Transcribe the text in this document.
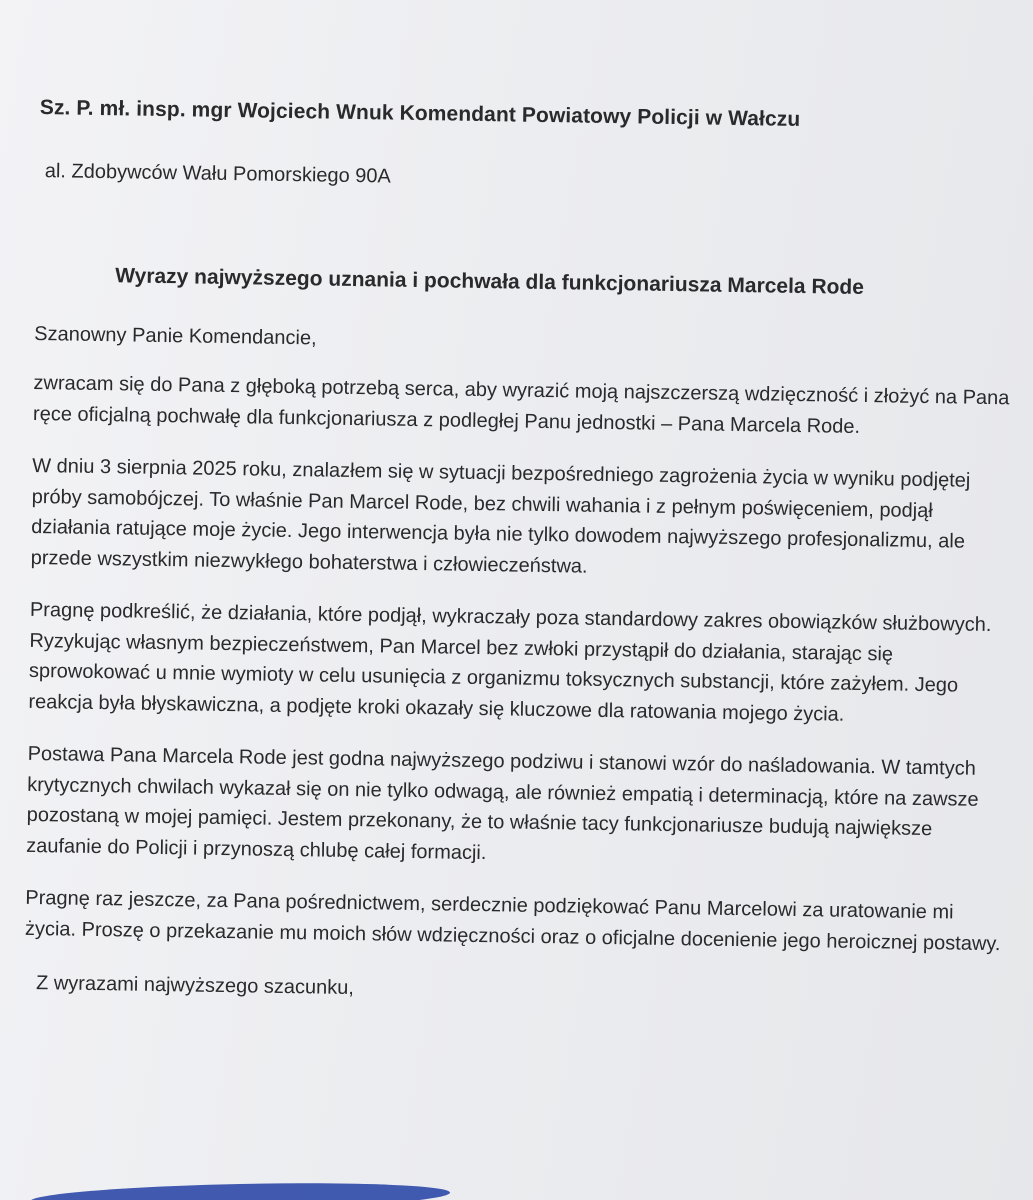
Sz. P. mł. insp. mgr Wojciech Wnuk Komendant Powiatowy Policji w Wałczu
al. Zdobywców Wału Pomorskiego 90A
Wyrazy najwyższego uznania i pochwała dla funkcjonariusza Marcela Rode
Szanowny Panie Komendancie,
zwracam się do Pana z głęboką potrzebą serca, aby wyrazić moją najszczerszą wdzięczność i złożyć na Pana ręce oficjalną pochwałę dla funkcjonariusza z podległej Panu jednostki – Pana Marcela Rode.
W dniu 3 sierpnia 2025 roku, znalazłem się w sytuacji bezpośredniego zagrożenia życia w wyniku podjętej próby samobójczej. To właśnie Pan Marcel Rode, bez chwili wahania i z pełnym poświęceniem, podjął działania ratujące moje życie. Jego interwencja była nie tylko dowodem najwyższego profesjonalizmu, ale przede wszystkim niezwykłego bohaterstwa i człowieczeństwa.
Pragnę podkreślić, że działania, które podjął, wykraczały poza standardowy zakres obowiązków służbowych. Ryzykując własnym bezpieczeństwem, Pan Marcel bez zwłoki przystąpił do działania, starając się sprowokować u mnie wymioty w celu usunięcia z organizmu toksycznych substancji, które zażyłem. Jego reakcja była błyskawiczna, a podjęte kroki okazały się kluczowe dla ratowania mojego życia.
Postawa Pana Marcela Rode jest godna najwyższego podziwu i stanowi wzór do naśladowania. W tamtych krytycznych chwilach wykazał się on nie tylko odwagą, ale również empatią i determinacją, które na zawsze pozostaną w mojej pamięci. Jestem przekonany, że to właśnie tacy funkcjonariusze budują największe zaufanie do Policji i przynoszą chlubę całej formacji.
Pragnę raz jeszcze, za Pana pośrednictwem, serdecznie podziękować Panu Marcelowi za uratowanie mi życia. Proszę o przekazanie mu moich słów wdzięczności oraz o oficjalne docenienie jego heroicznej postawy.
Z wyrazami najwyższego szacunku,
